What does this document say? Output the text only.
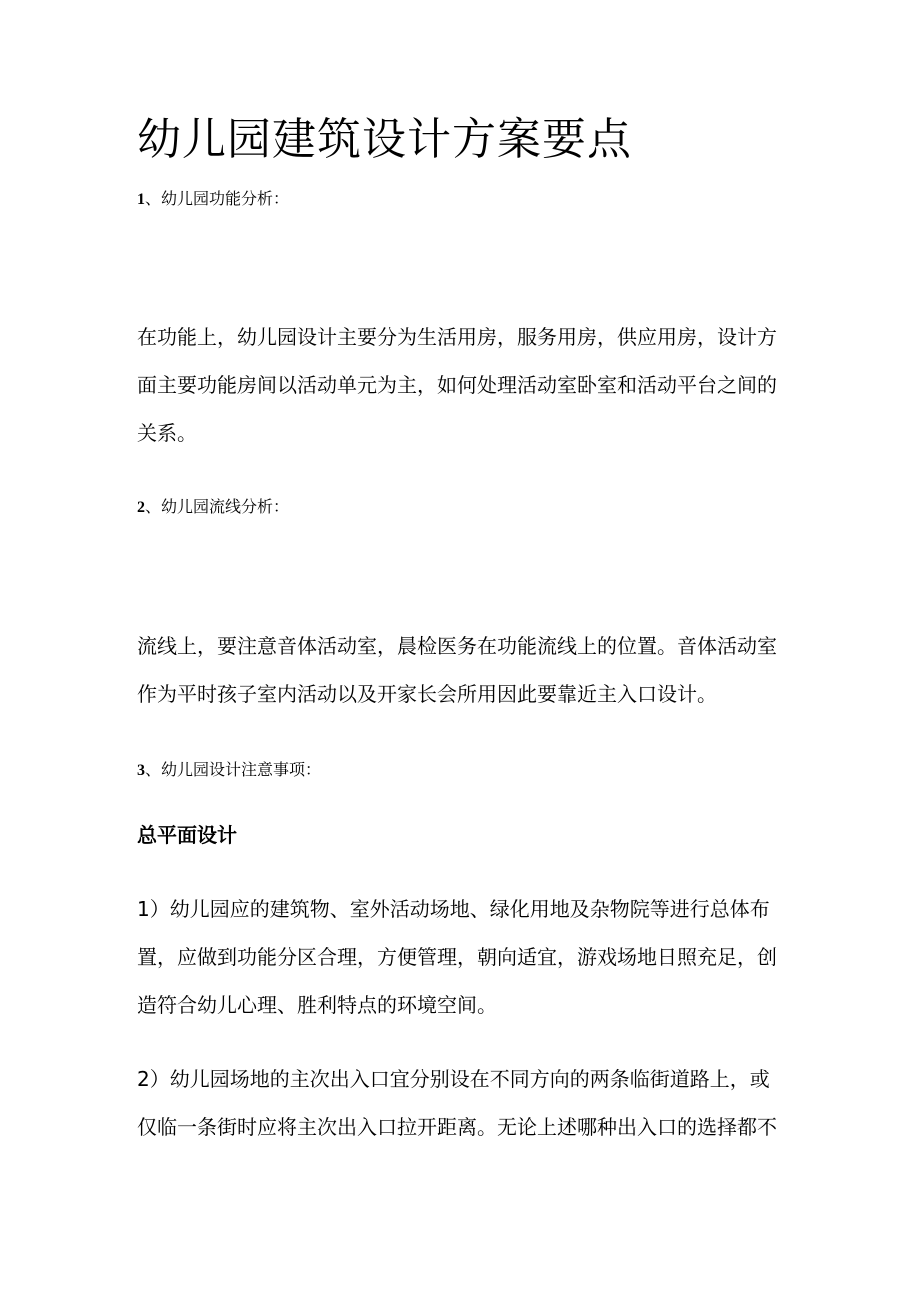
幼儿园建筑设计方案要点
1、幼儿园功能分析：
在功能上，幼儿园设计主要分为生活用房，服务用房，供应用房，设计方
面主要功能房间以活动单元为主，如何处理活动室卧室和活动平台之间的
关系。
2、幼儿园流线分析：
流线上，要注意音体活动室，晨检医务在功能流线上的位置。音体活动室
作为平时孩子室内活动以及开家长会所用因此要靠近主入口设计。
3、幼儿园设计注意事项：
总平面设计
1）幼儿园应的建筑物、室外活动场地、绿化用地及杂物院等进行总体布
置，应做到功能分区合理，方便管理，朝向适宜，游戏场地日照充足，创
造符合幼儿心理、胜利特点的环境空间。
2）幼儿园场地的主次出入口宜分别设在不同方向的两条临街道路上，或
仅临一条街时应将主次出入口拉开距离。无论上述哪种出入口的选择都不
